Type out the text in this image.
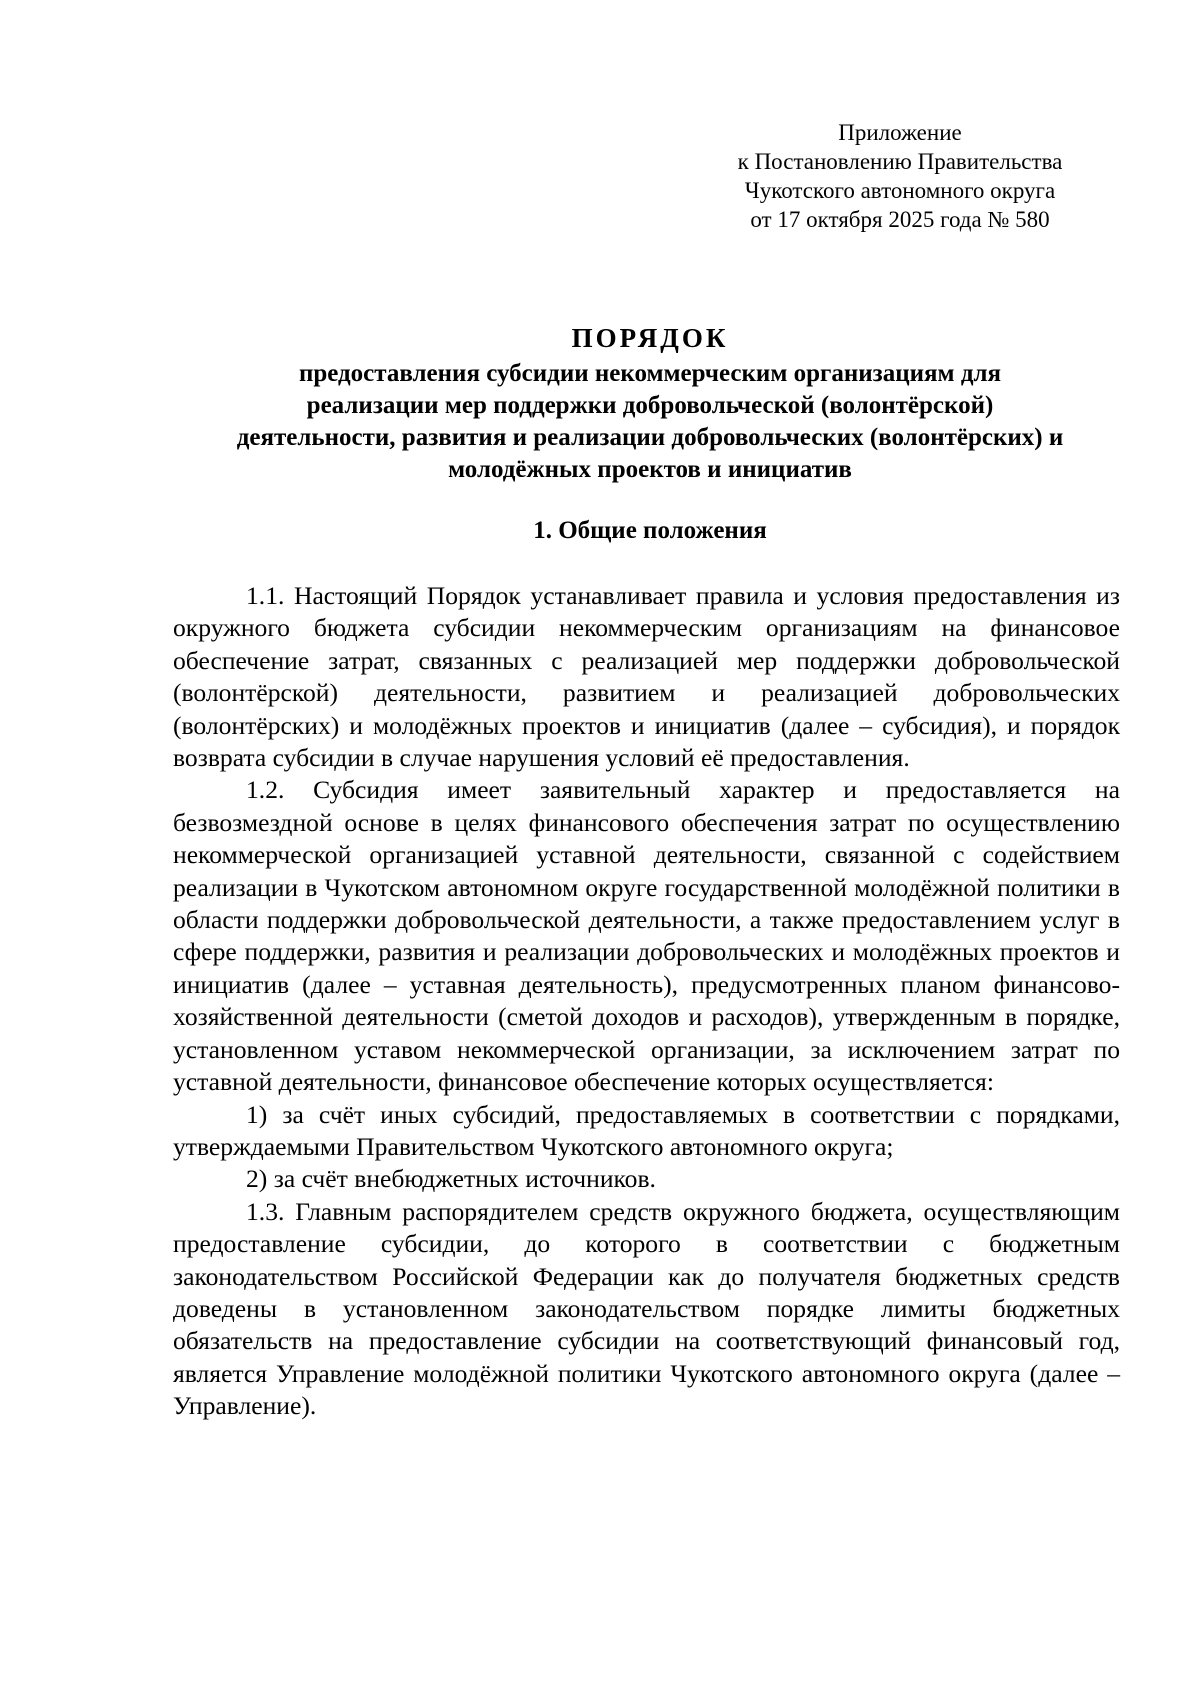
Приложение
к Постановлению Правительства
Чукотского автономного округа
от 17 октября 2025 года № 580
ПОРЯДОК
предоставления субсидии некоммерческим организациям для
реализации мер поддержки добровольческой (волонтёрской)
деятельности, развития и реализации добровольческих (волонтёрских) и
молодёжных проектов и инициатив
1. Общие положения

1.1. Настоящий Порядок устанавливает правила и условия предоставления из окружного бюджета субсидии некоммерческим организациям на финансовое обеспечение затрат, связанных с реализацией мер поддержки добровольческой (волонтёрской) деятельности, развитием и реализацией добровольческих (волонтёрских) и молодёжных проектов и инициатив (далее – субсидия), и порядок возврата субсидии в случае нарушения условий её предоставления.

1.2. Субсидия имеет заявительный характер и предоставляется на безвозмездной основе в целях финансового обеспечения затрат по осуществлению некоммерческой организацией уставной деятельности, связанной с содействием реализации в Чукотском автономном округе государственной молодёжной политики в области поддержки добровольческой деятельности, а также предоставлением услуг в сфере поддержки, развития и реализации добровольческих и молодёжных проектов и инициатив (далее – уставная деятельность), предусмотренных планом финансово-хозяйственной деятельности (сметой доходов и расходов), утвержденным в порядке, установленном уставом некоммерческой организации, за исключением затрат по уставной деятельности, финансовое обеспечение которых осуществляется:

1) за счёт иных субсидий, предоставляемых в соответствии с порядками, утверждаемыми Правительством Чукотского автономного округа;

2) за счёт внебюджетных источников.

1.3. Главным распорядителем средств окружного бюджета, осуществляющим предоставление субсидии, до которого в соответствии с бюджетным законодательством Российской Федерации как до получателя бюджетных средств доведены в установленном законодательством порядке лимиты бюджетных обязательств на предоставление субсидии на соответствующий финансовый год, является Управление молодёжной политики Чукотского автономного округа (далее – Управление).
